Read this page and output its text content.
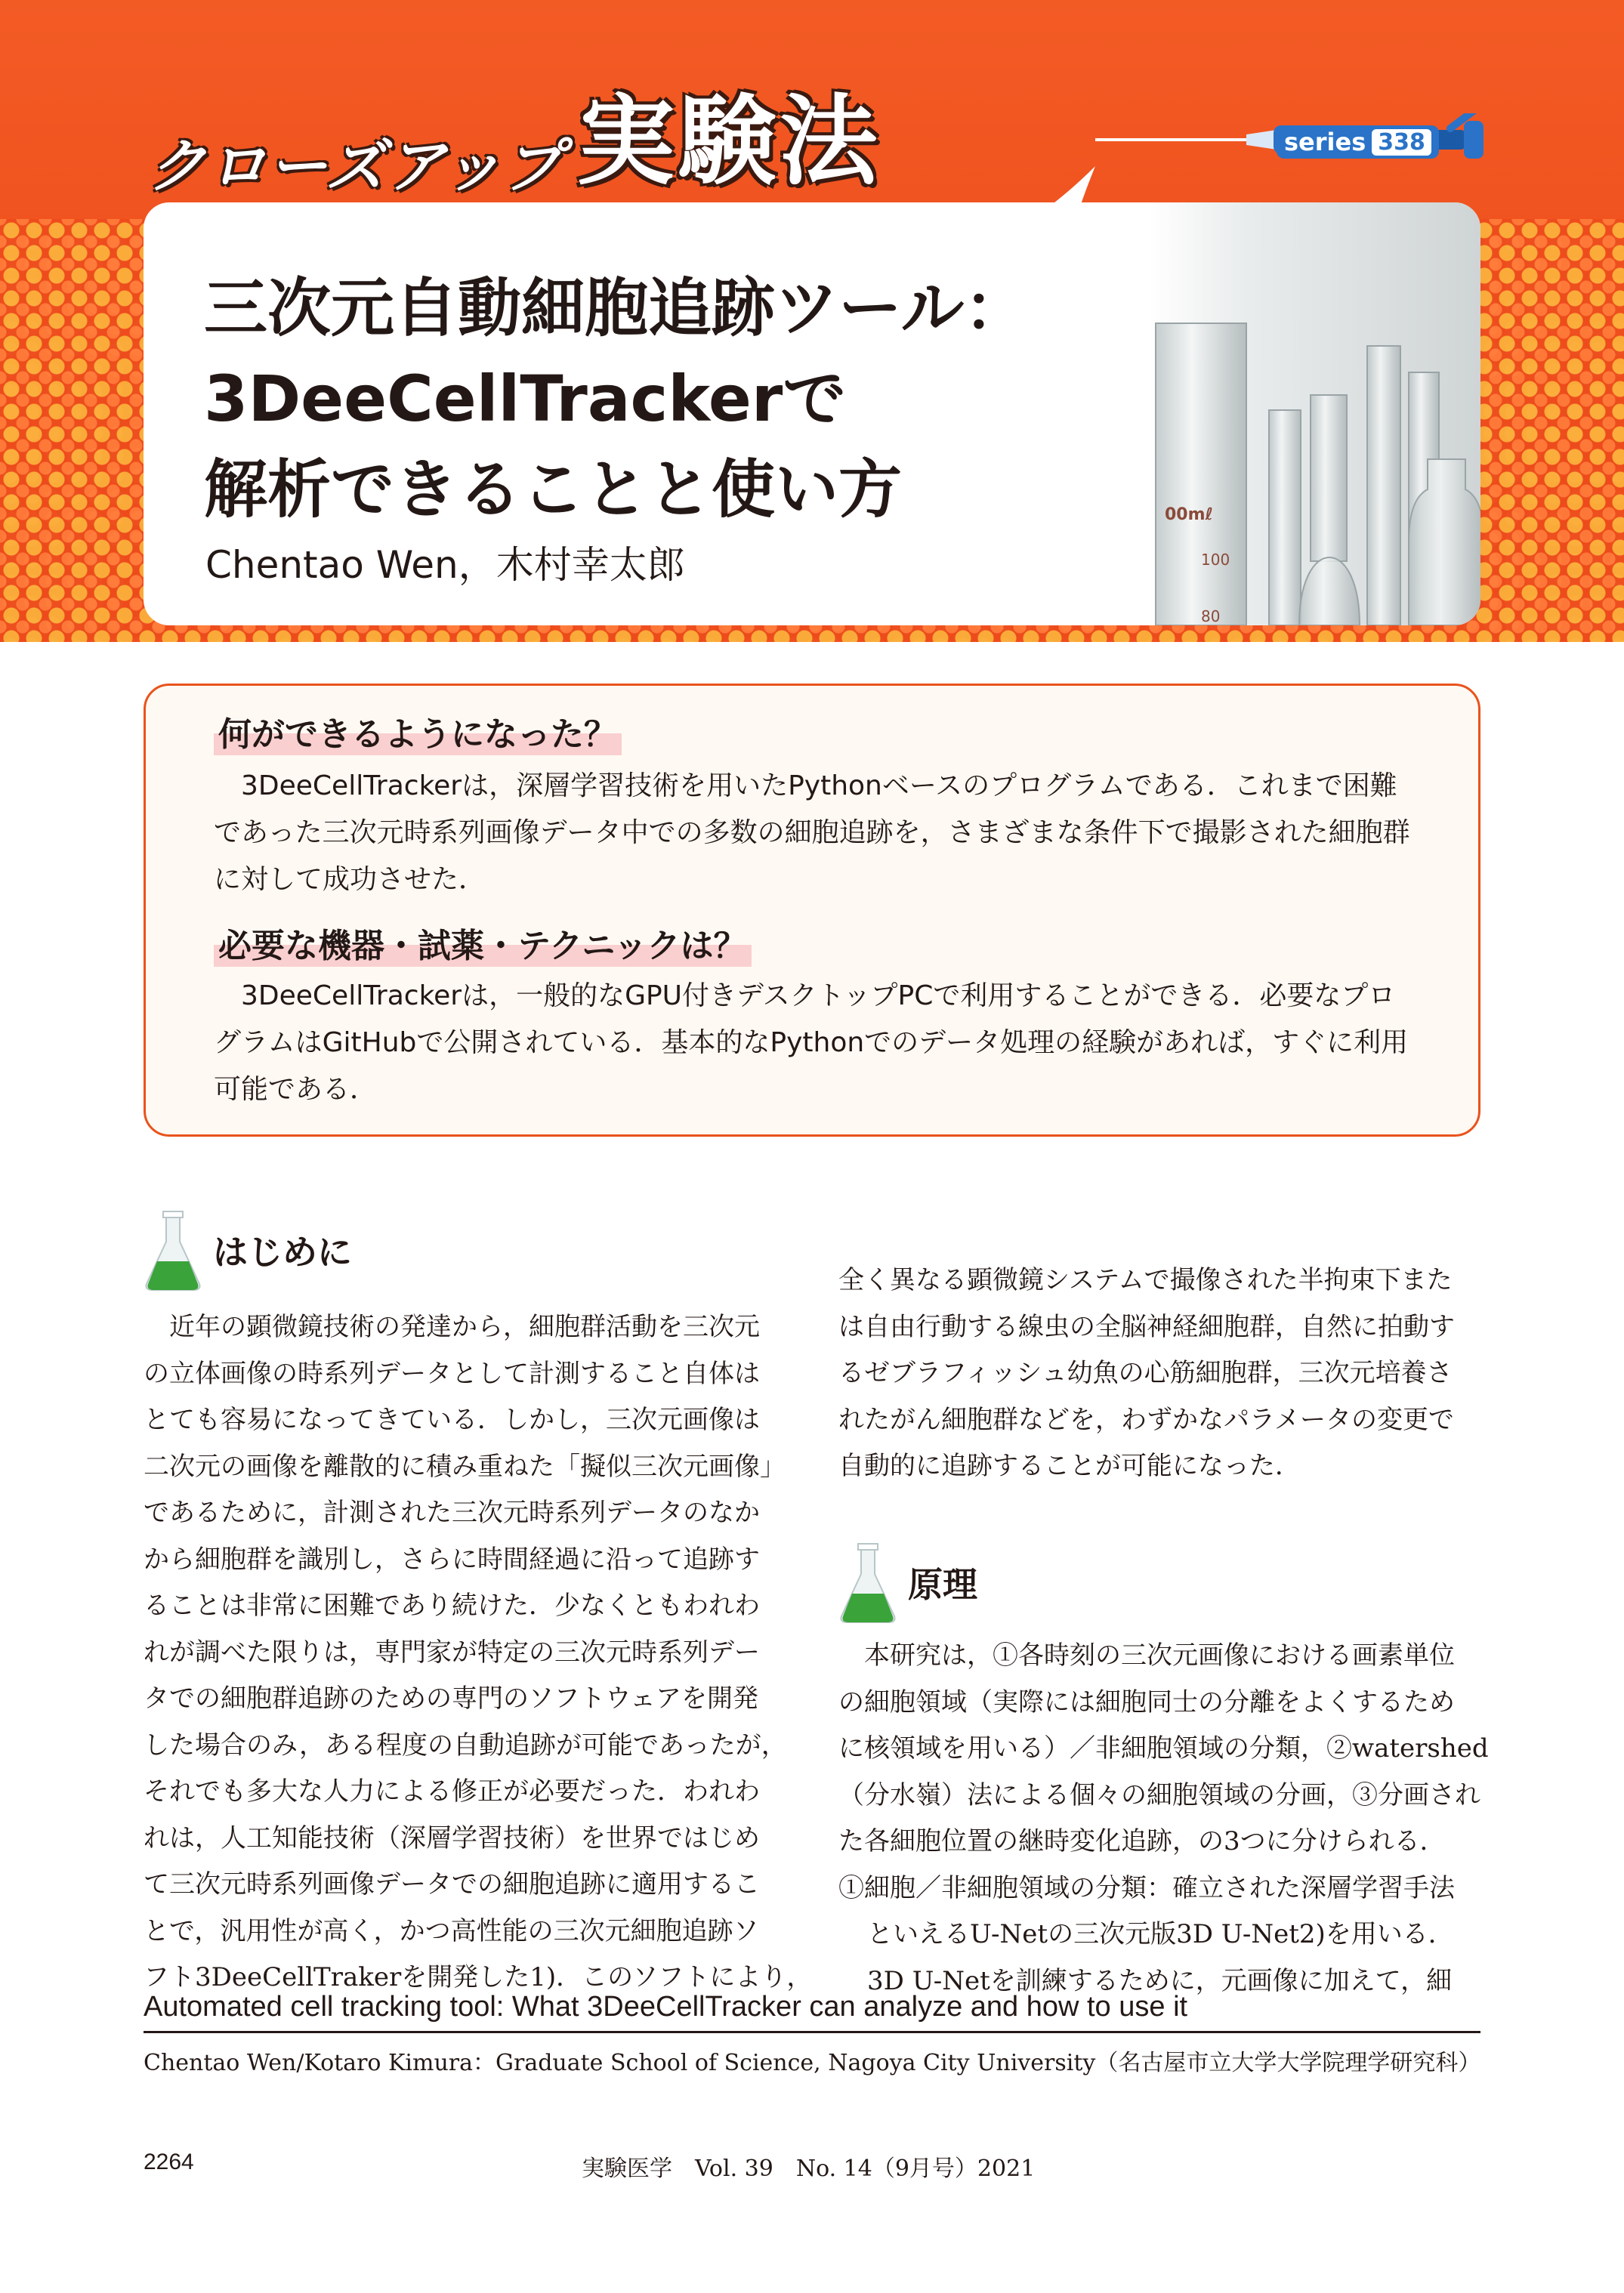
クローズアップ 実験法	series 338
00mℓ
100
80
三次元自動細胞追跡ツール：
3DeeCellTrackerで
解析できることと使い方
Chentao Wen，木村幸太郎
何ができるようになった？

3DeeCellTrackerは，深層学習技術を用いたPythonベースのプログラムである．これまで困難であった三次元時系列画像データ中での多数の細胞追跡を，さまざまな条件下で撮影された細胞群に対して成功させた．

必要な機器・試薬・テクニックは？

3DeeCellTrackerは，一般的なGPU付きデスクトップPCで利用することができる．必要なプログラムはGitHubで公開されている．基本的なPythonでのデータ処理の経験があれば，すぐに利用可能である．

はじめに
近年の顕微鏡技術の発達から，細胞群活動を三次元
の立体画像の時系列データとして計測すること自体は
とても容易になってきている．しかし，三次元画像は
二次元の画像を離散的に積み重ねた「擬似三次元画像」
であるために，計測された三次元時系列データのなか
から細胞群を識別し，さらに時間経過に沿って追跡す
ることは非常に困難であり続けた．少なくともわれわ
れが調べた限りは，専門家が特定の三次元時系列デー
タでの細胞群追跡のための専門のソフトウェアを開発
した場合のみ，ある程度の自動追跡が可能であったが，
それでも多大な人力による修正が必要だった．われわ
れは，人工知能技術（深層学習技術）を世界ではじめ
て三次元時系列画像データでの細胞追跡に適用するこ
とで，汎用性が高く，かつ高性能の三次元細胞追跡ソ
フト3DeeCellTrakerを開発した1)．このソフトにより，
全く異なる顕微鏡システムで撮像された半拘束下また
は自由行動する線虫の全脳神経細胞群，自然に拍動す
るゼブラフィッシュ幼魚の心筋細胞群，三次元培養さ
れたがん細胞群などを，わずかなパラメータの変更で
自動的に追跡することが可能になった．
原理
本研究は，①各時刻の三次元画像における画素単位
の細胞領域（実際には細胞同士の分離をよくするため
に核領域を用いる）／非細胞領域の分類，②watershed
（分水嶺）法による個々の細胞領域の分画，③分画され
た各細胞位置の継時変化追跡，の3つに分けられる．
①細胞／非細胞領域の分類：確立された深層学習手法
といえるU-Netの三次元版3D U-Net2)を用いる．
3D U-Netを訓練するために，元画像に加えて，細
Automated cell tracking tool: What 3DeeCellTracker can analyze and how to use it
Chentao Wen/Kotaro Kimura：Graduate School of Science, Nagoya City University（名古屋市立大学大学院理学研究科）
2264	実験医学　Vol. 39　No. 14（9月号）2021
